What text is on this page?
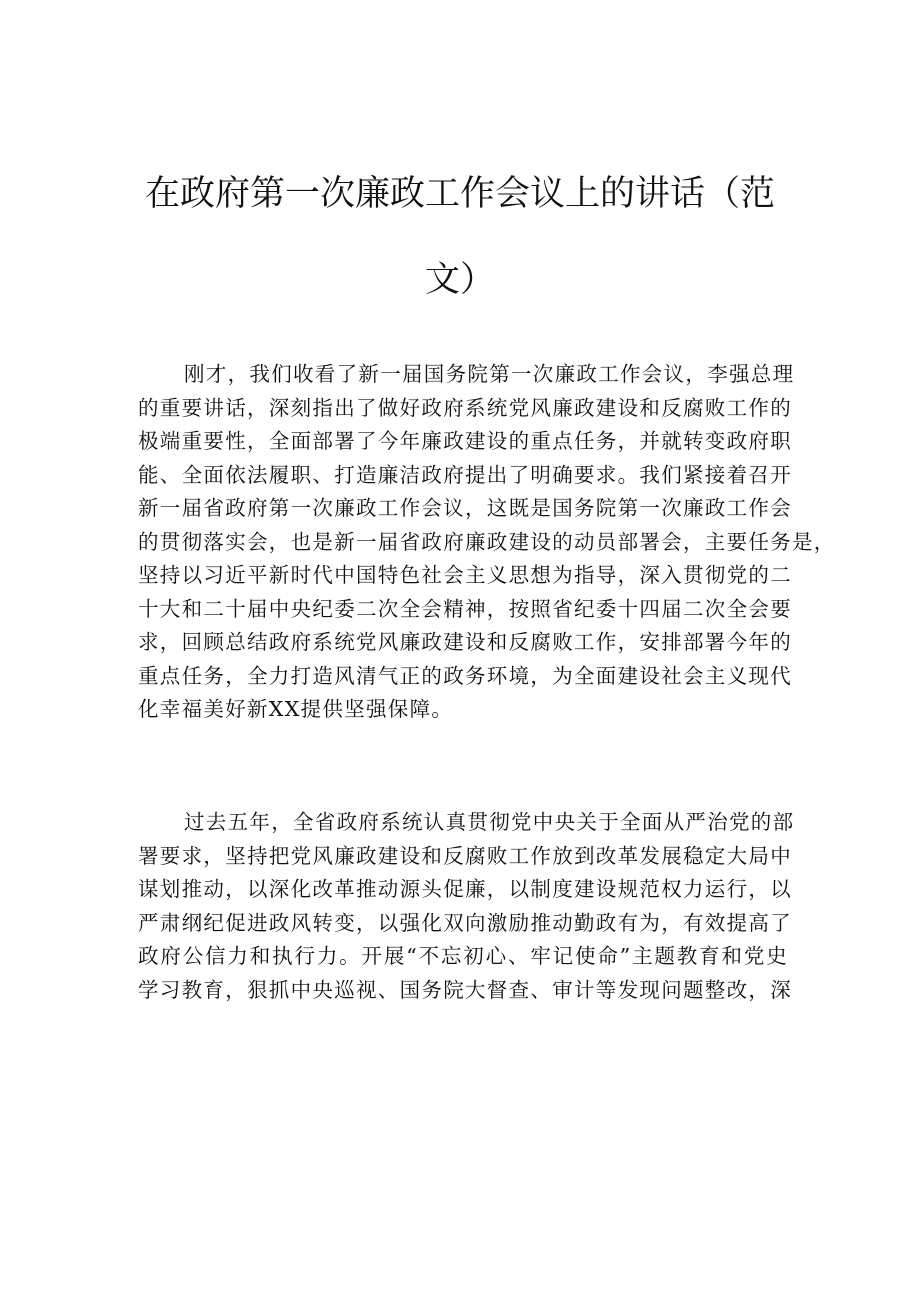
在政府第一次廉政工作会议上的讲话（范
文）
刚才，我们收看了新一届国务院第一次廉政工作会议，李强总理
的重要讲话，深刻指出了做好政府系统党风廉政建设和反腐败工作的
极端重要性，全面部署了今年廉政建设的重点任务，并就转变政府职
能、全面依法履职、打造廉洁政府提出了明确要求。我们紧接着召开
新一届省政府第一次廉政工作会议，这既是国务院第一次廉政工作会
的贯彻落实会，也是新一届省政府廉政建设的动员部署会，主要任务是，
坚持以习近平新时代中国特色社会主义思想为指导，深入贯彻党的二
十大和二十届中央纪委二次全会精神，按照省纪委十四届二次全会要
求，回顾总结政府系统党风廉政建设和反腐败工作，安排部署今年的
重点任务，全力打造风清气正的政务环境，为全面建设社会主义现代
化幸福美好新XX提供坚强保障。
过去五年，全省政府系统认真贯彻党中央关于全面从严治党的部
署要求，坚持把党风廉政建设和反腐败工作放到改革发展稳定大局中
谋划推动，以深化改革推动源头促廉，以制度建设规范权力运行，以
严肃纲纪促进政风转变，以强化双向激励推动勤政有为，有效提高了
政府公信力和执行力。开展“不忘初心、牢记使命”主题教育和党史
学习教育，狠抓中央巡视、国务院大督查、审计等发现问题整改，深
